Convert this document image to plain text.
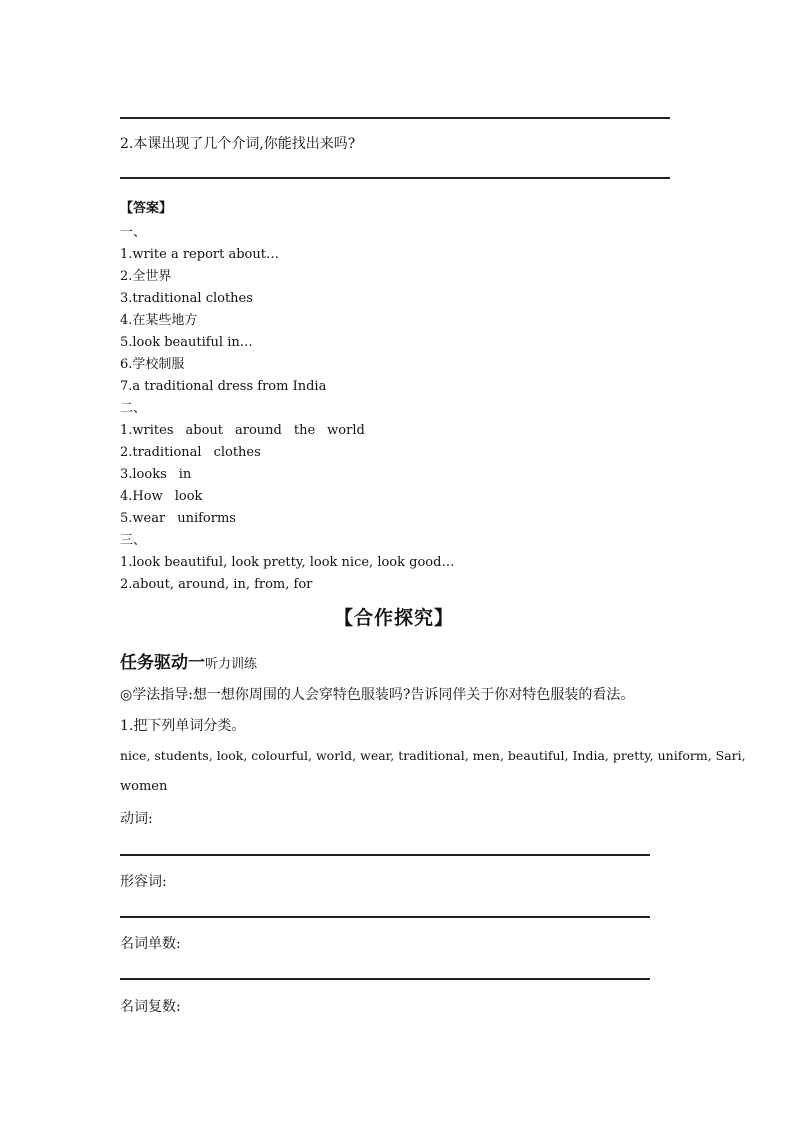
2.本课出现了几个介词,你能找出来吗?
【答案】
一、
1.write a report about…
2.全世界
3.traditional clothes
4.在某些地方
5.look beautiful in…
6.学校制服
7.a traditional dress from India
二、
1.writes about around the world
2.traditional clothes
3.looks in
4.How look
5.wear uniforms
三、
1.look beautiful, look pretty, look nice, look good…
2.about, around, in, from, for
【合作探究】
任务驱动一听力训练
◎学法指导:想一想你周围的人会穿特色服装吗?告诉同伴关于你对特色服装的看法。
1.把下列单词分类。
nice, students, look, colourful, world, wear, traditional, men, beautiful, India, pretty, uniform, Sari,
women
动词:
形容词:
名词单数:
名词复数:
